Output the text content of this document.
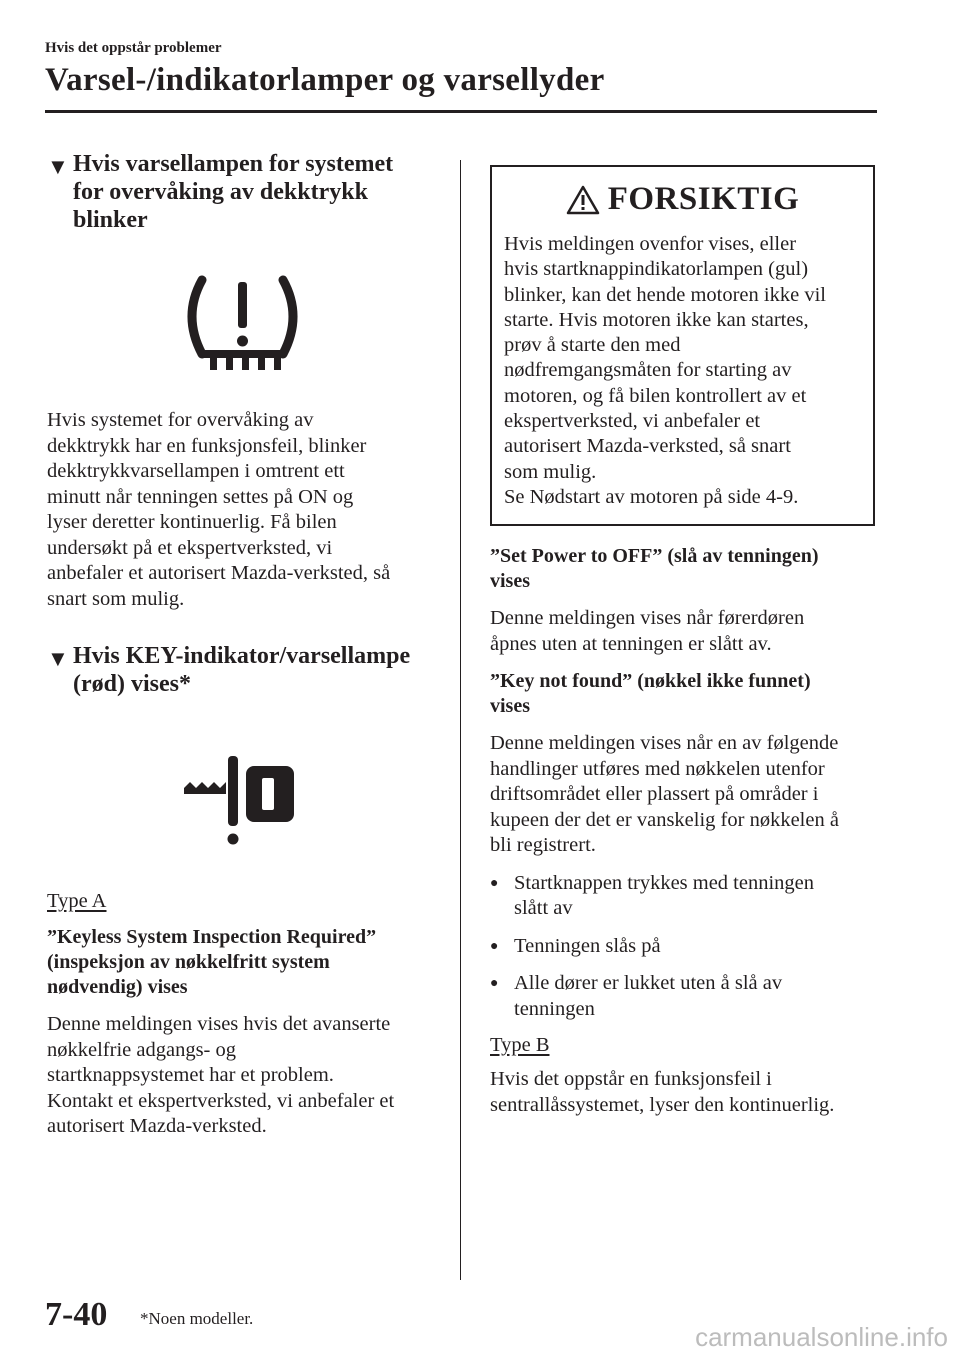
Hvis det oppstår problemer
Varsel-/indikatorlamper og varsellyder
▼ Hvis varsellampen for systemet
for overvåking av dekktrykk
blinker

Hvis systemet for overvåking av
dekktrykk har en funksjonsfeil, blinker
dekktrykkvarsellampen i omtrent ett
minutt når tenningen settes på ON og
lyser deretter kontinuerlig. Få bilen
undersøkt på et ekspertverksted, vi
anbefaler et autorisert Mazda-verksted, så
snart som mulig.

▼ Hvis KEY-indikator/varsellampe
(rød) vises*

Type A

”Keyless System Inspection Required”
(inspeksjon av nøkkelfritt system
nødvendig) vises

Denne meldingen vises hvis det avanserte
nøkkelfrie adgangs- og
startknappsystemet har et problem.
Kontakt et ekspertverksted, vi anbefaler et
autorisert Mazda-verksted.

FORSIKTIG
Hvis meldingen ovenfor vises, eller
hvis startknappindikatorlampen (gul)
blinker, kan det hende motoren ikke vil
starte. Hvis motoren ikke kan startes,
prøv å starte den med
nødfremgangsmåten for starting av
motoren, og få bilen kontrollert av et
ekspertverksted, vi anbefaler et
autorisert Mazda-verksted, så snart
som mulig.
Se Nødstart av motoren på side 4-9.

”Set Power to OFF” (slå av tenningen)
vises

Denne meldingen vises når førerdøren
åpnes uten at tenningen er slått av.

”Key not found” (nøkkel ikke funnet)
vises

Denne meldingen vises når en av følgende
handlinger utføres med nøkkelen utenfor
driftsområdet eller plassert på områder i
kupeen der det er vanskelig for nøkkelen å
bli registrert.

● Startknappen trykkes med tenningen
slått av
● Tenningen slås på
● Alle dører er lukket uten å slå av
tenningen

Type B

Hvis det oppstår en funksjonsfeil i
sentrallåssystemet, lyser den kontinuerlig.

7-40 *Noen modeller.
carmanualsonline.info
